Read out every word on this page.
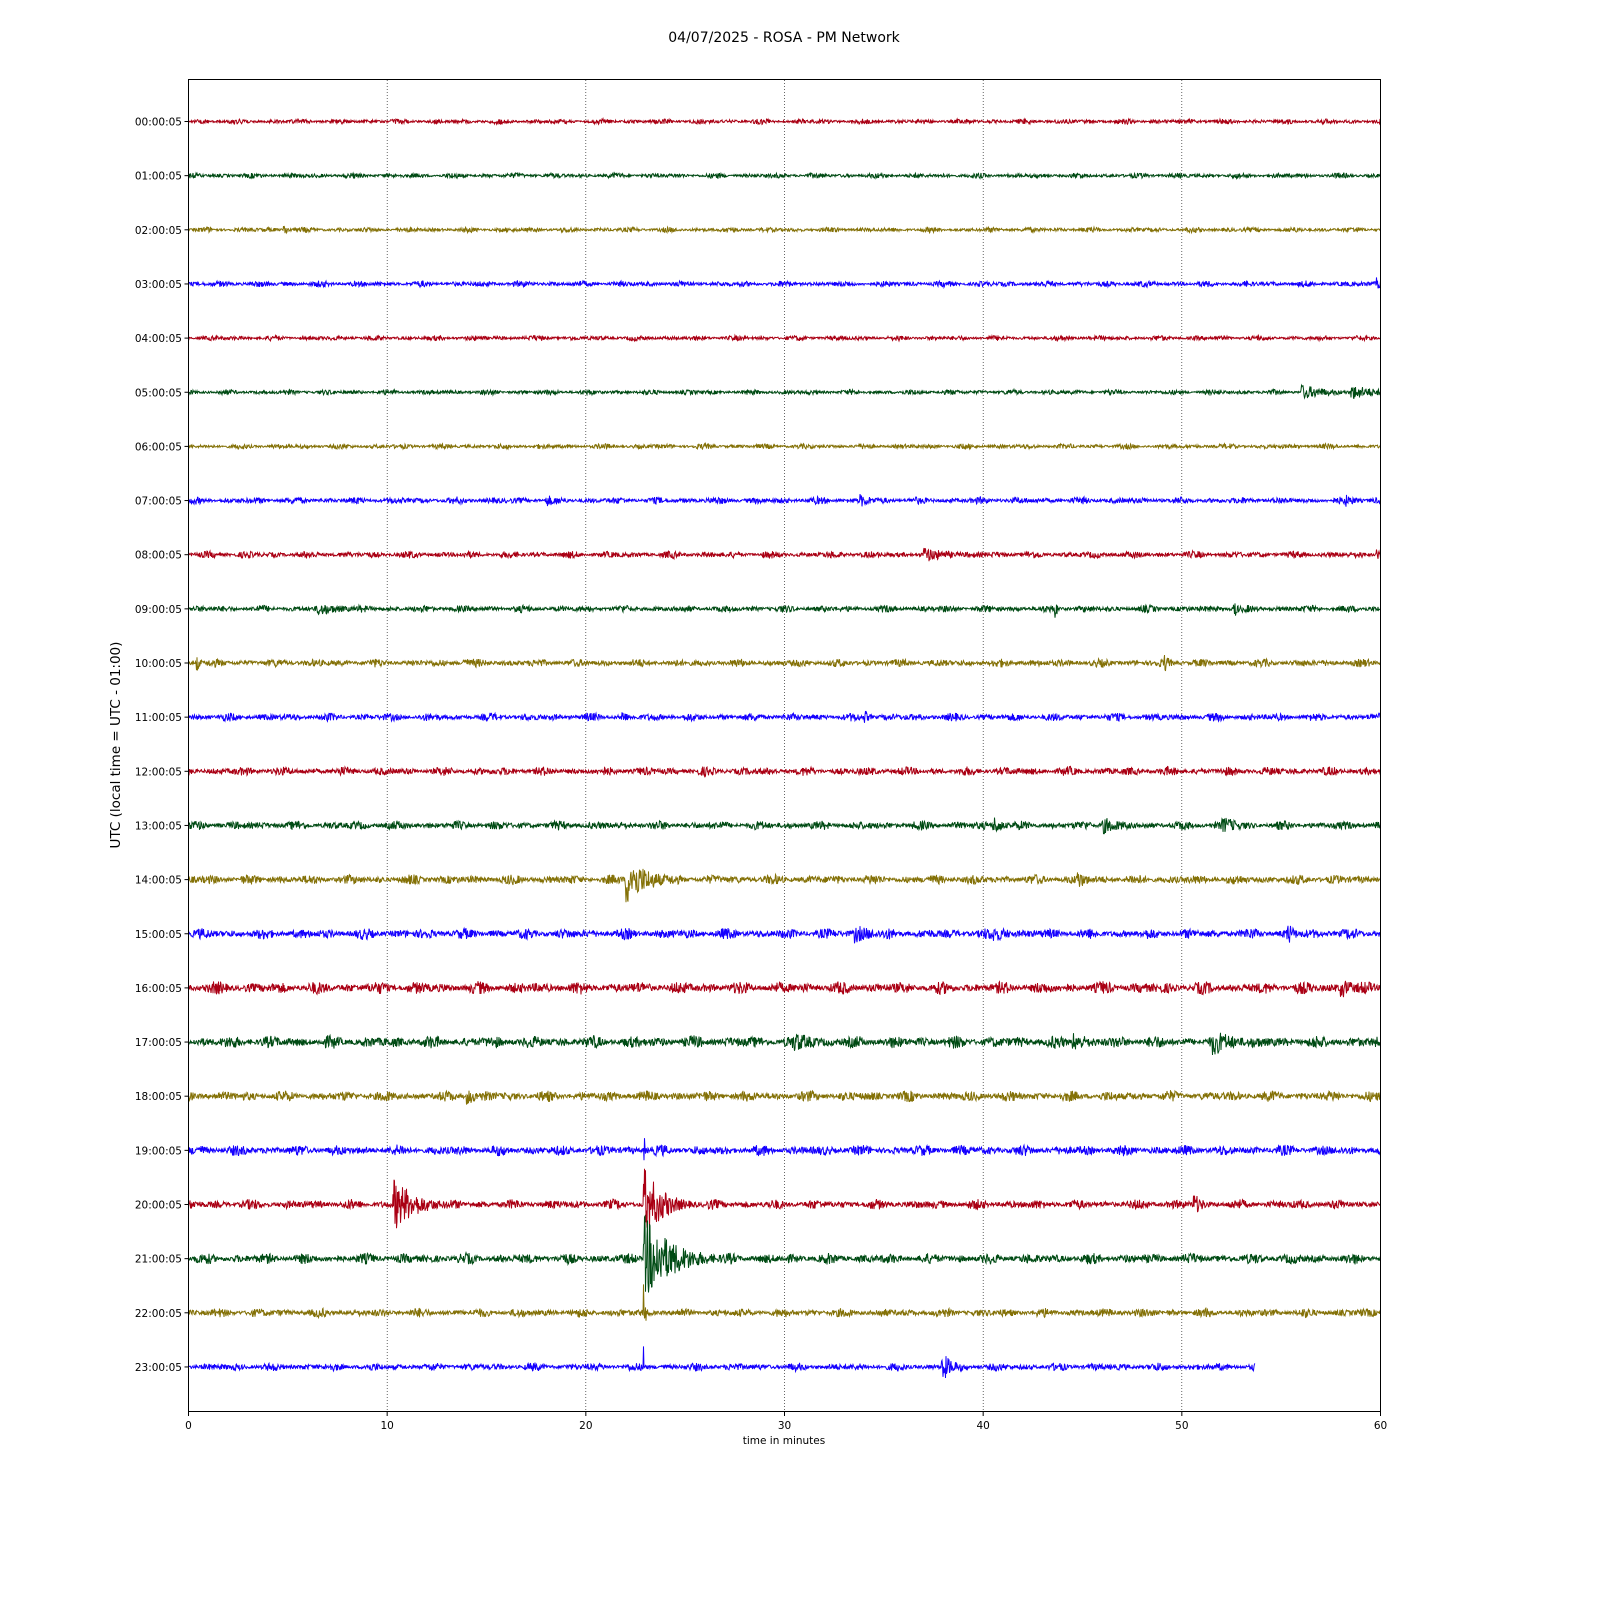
04/07/2025 - ROSA - PM Network
00:00:05
01:00:05
02:00:05
03:00:05
04:00:05
05:00:05
06:00:05
07:00:05
08:00:05
09:00:05
10:00:05
11:00:05
12:00:05
13:00:05
14:00:05
15:00:05
16:00:05
17:00:05
18:00:05
19:00:05
20:00:05
21:00:05
22:00:05
23:00:05
0	10	20	30	40	50	60
time in minutes
UTC (local time = UTC - 01:00)
